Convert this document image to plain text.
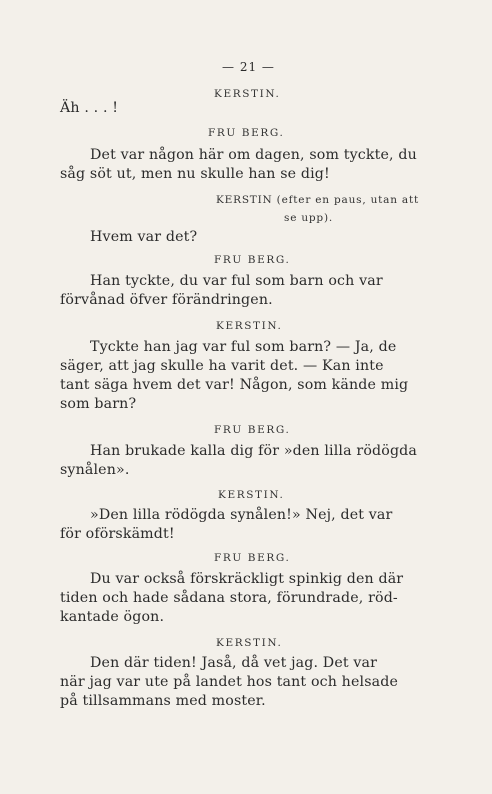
— 21 —
KERSTIN.
Äh . . . !
FRU BERG.
Det var någon här om dagen, som tyckte, du
såg söt ut, men nu skulle han se dig!
KERSTIN (efter en paus, utan att
se upp).
Hvem var det?
FRU BERG.
Han tyckte, du var ful som barn och var
förvånad öfver förändringen.
KERSTIN.
Tyckte han jag var ful som barn? — Ja, de
säger, att jag skulle ha varit det. — Kan inte
tant säga hvem det var! Någon, som kände mig
som barn?
FRU BERG.
Han brukade kalla dig för »den lilla rödögda
synålen».
KERSTIN.
»Den lilla rödögda synålen!» Nej, det var
för oförskämdt!
FRU BERG.
Du var också förskräckligt spinkig den där
tiden och hade sådana stora, förundrade, röd-
kantade ögon.
KERSTIN.
Den där tiden! Jaså, då vet jag. Det var
när jag var ute på landet hos tant och helsade
på tillsammans med moster.
